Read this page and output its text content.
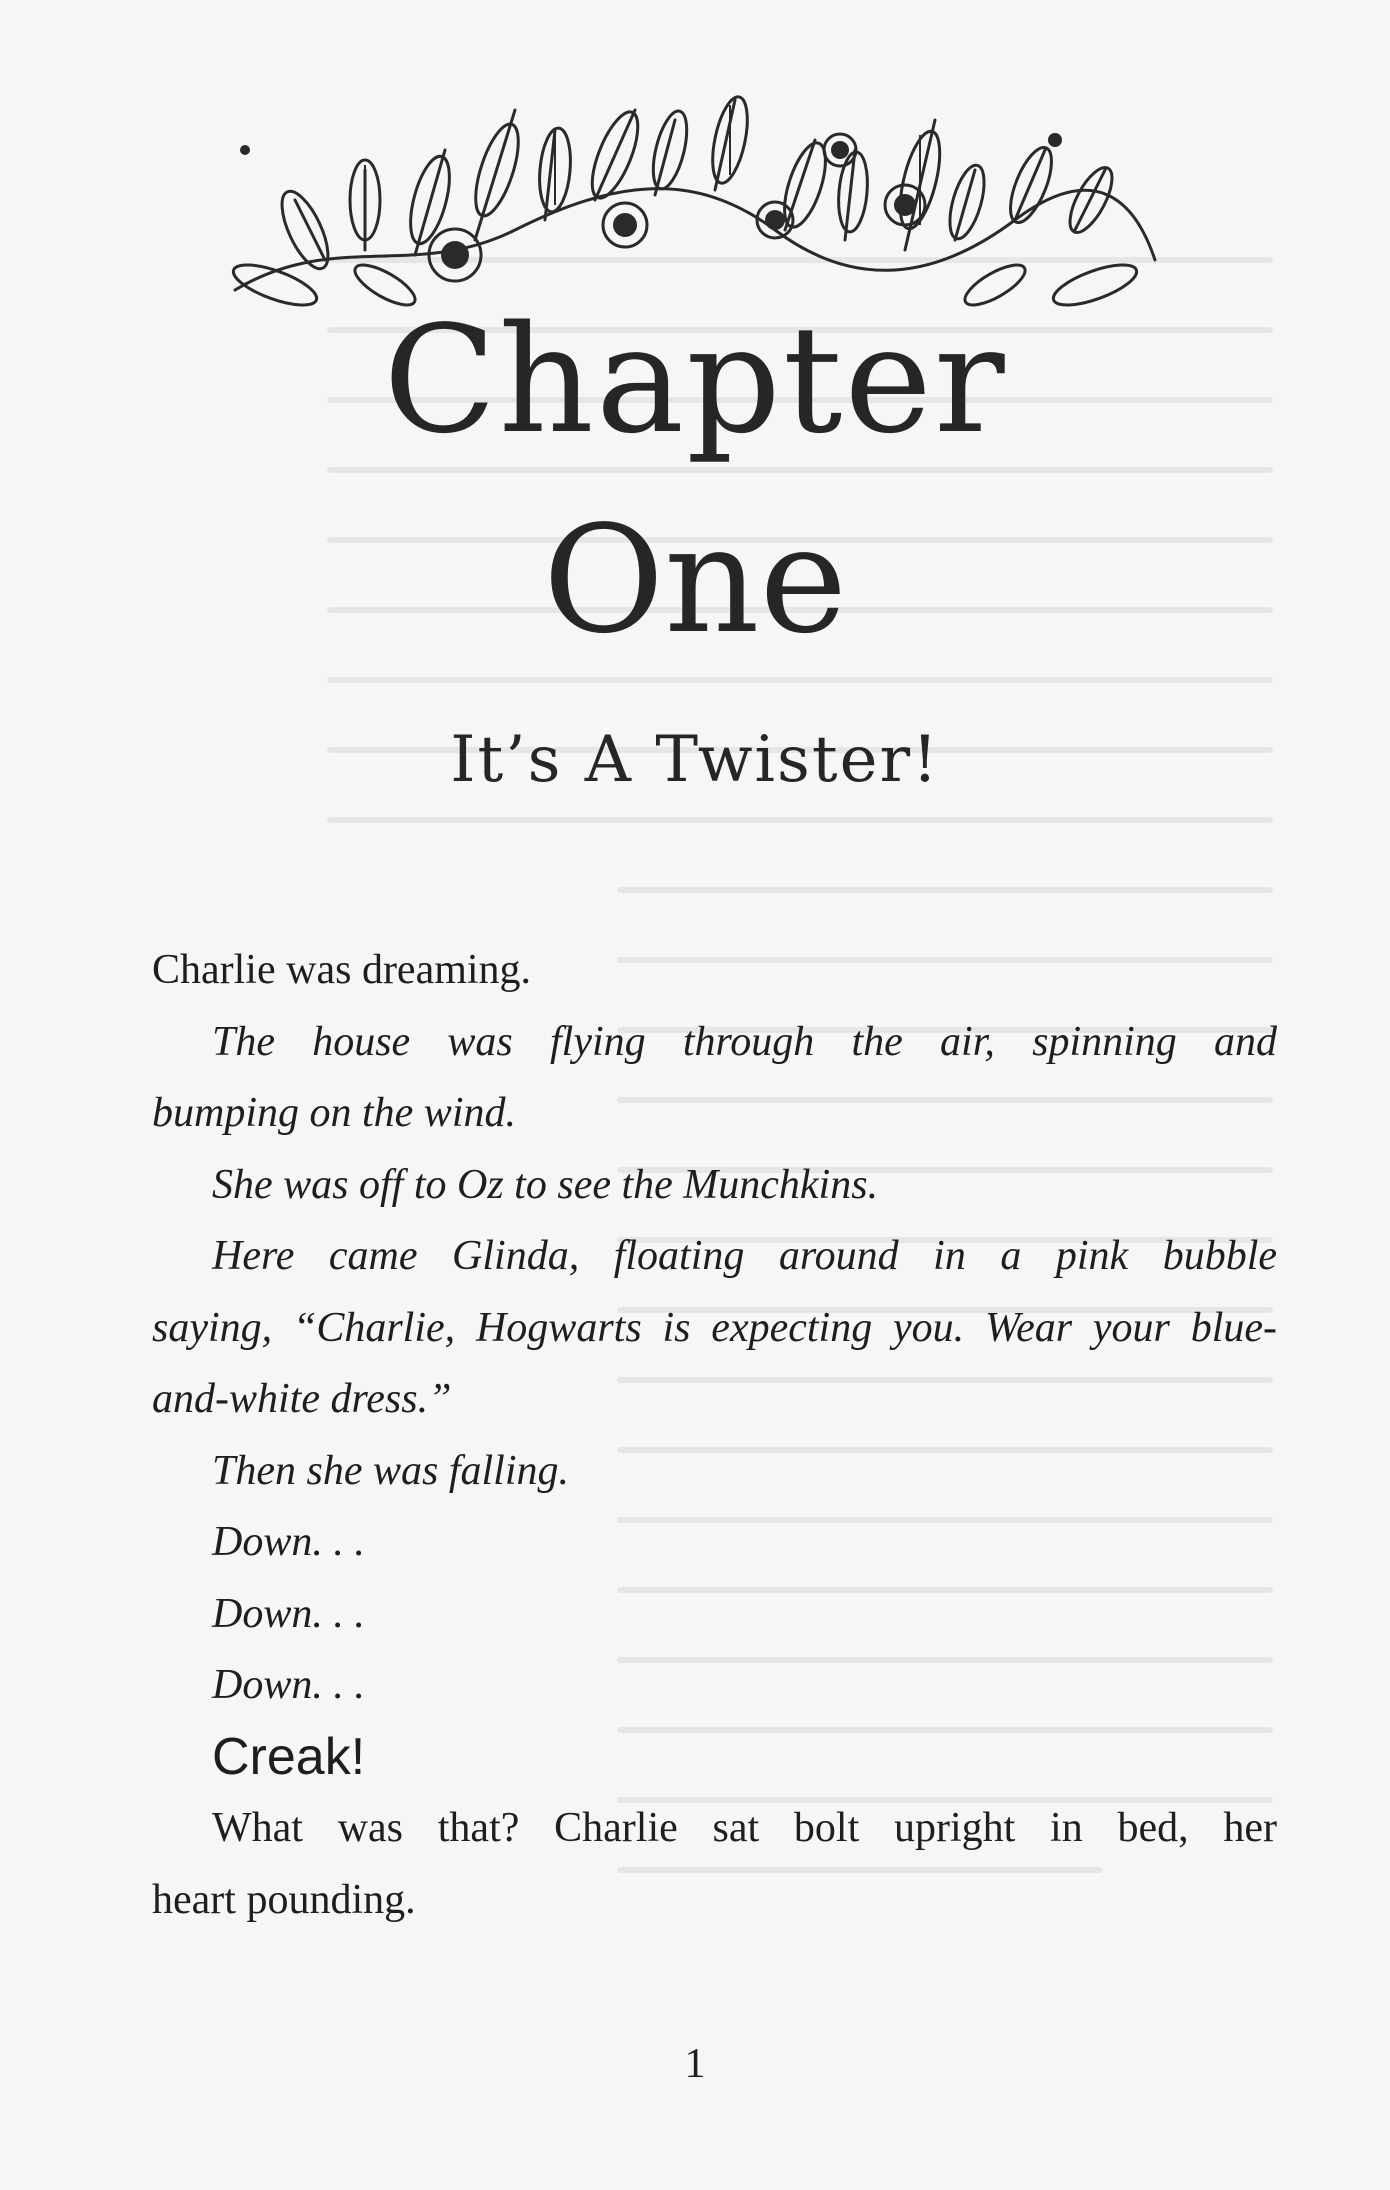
Chapter
One
It’s A Twister!
Charlie was dreaming.
The house was flying through the air, spinning and
bumping on the wind.
She was off to Oz to see the Munchkins.
Here came Glinda, floating around in a pink bubble
saying, “Charlie, Hogwarts is expecting you. Wear your blue-
and-white dress.”
Then she was falling.
Down. . .
Down. . .
Down. . .
Creak!
What was that? Charlie sat bolt upright in bed, her
heart pounding.
1
